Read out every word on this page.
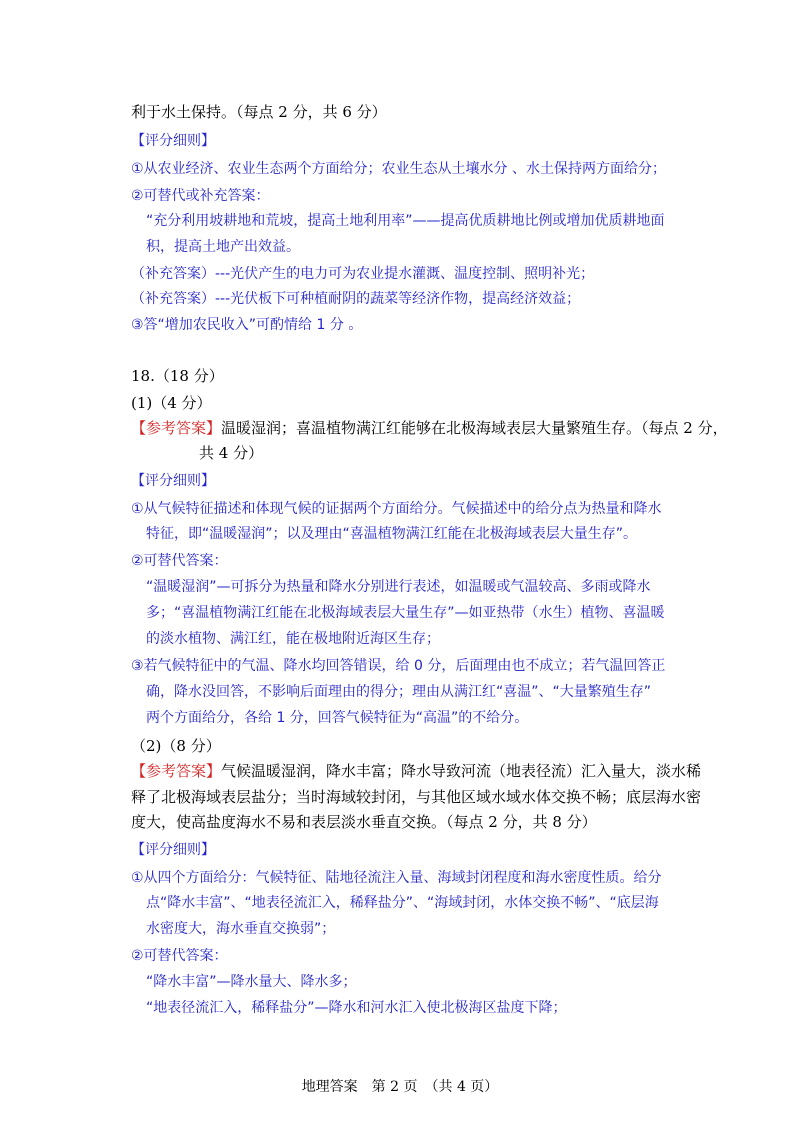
利于水土保持。（每点 2 分，共 6 分）
【评分细则】
①从农业经济、农业生态两个方面给分；农业生态从土壤水分 、水土保持两方面给分；
②可替代或补充答案：
“充分利用坡耕地和荒坡，提高土地利用率”——提高优质耕地比例或增加优质耕地面
积，提高土地产出效益。
（补充答案）---光伏产生的电力可为农业提水灌溉、温度控制、照明补光；
（补充答案）---光伏板下可种植耐阴的蔬菜等经济作物，提高经济效益；
③答“增加农民收入”可酌情给 1 分 。
18.（18 分）
(1)（4 分）
【参考答案】温暖湿润；喜温植物满江红能够在北极海域表层大量繁殖生存。（每点 2 分，
共 4 分）
【评分细则】
①从气候特征描述和体现气候的证据两个方面给分。气候描述中的给分点为热量和降水
特征，即“温暖湿润”；以及理由“喜温植物满江红能在北极海域表层大量生存”。
②可替代答案：
“温暖湿润”—可拆分为热量和降水分别进行表述，如温暖或气温较高、多雨或降水
多；“喜温植物满江红能在北极海域表层大量生存”—如亚热带（水生）植物、喜温暖
的淡水植物、满江红，能在极地附近海区生存；
③若气候特征中的气温、降水均回答错误，给 0 分，后面理由也不成立；若气温回答正
确，降水没回答，不影响后面理由的得分；理由从满江红“喜温”、“大量繁殖生存”
两个方面给分，各给 1 分，回答气候特征为“高温”的不给分。
（2)（8 分）
【参考答案】气候温暖湿润，降水丰富；降水导致河流（地表径流）汇入量大，淡水稀
释了北极海域表层盐分；当时海域较封闭，与其他区域水域水体交换不畅；底层海水密
度大，使高盐度海水不易和表层淡水垂直交换。（每点 2 分，共 8 分）
【评分细则】
①从四个方面给分：气候特征、陆地径流注入量、海域封闭程度和海水密度性质。给分
点“降水丰富”、“地表径流汇入，稀释盐分”、“海域封闭，水体交换不畅”、“底层海
水密度大，海水垂直交换弱”；
②可替代答案：
“降水丰富”—降水量大、降水多；
“地表径流汇入，稀释盐分”—降水和河水汇入使北极海区盐度下降；
地理答案　第 2 页　（共 4 页）
